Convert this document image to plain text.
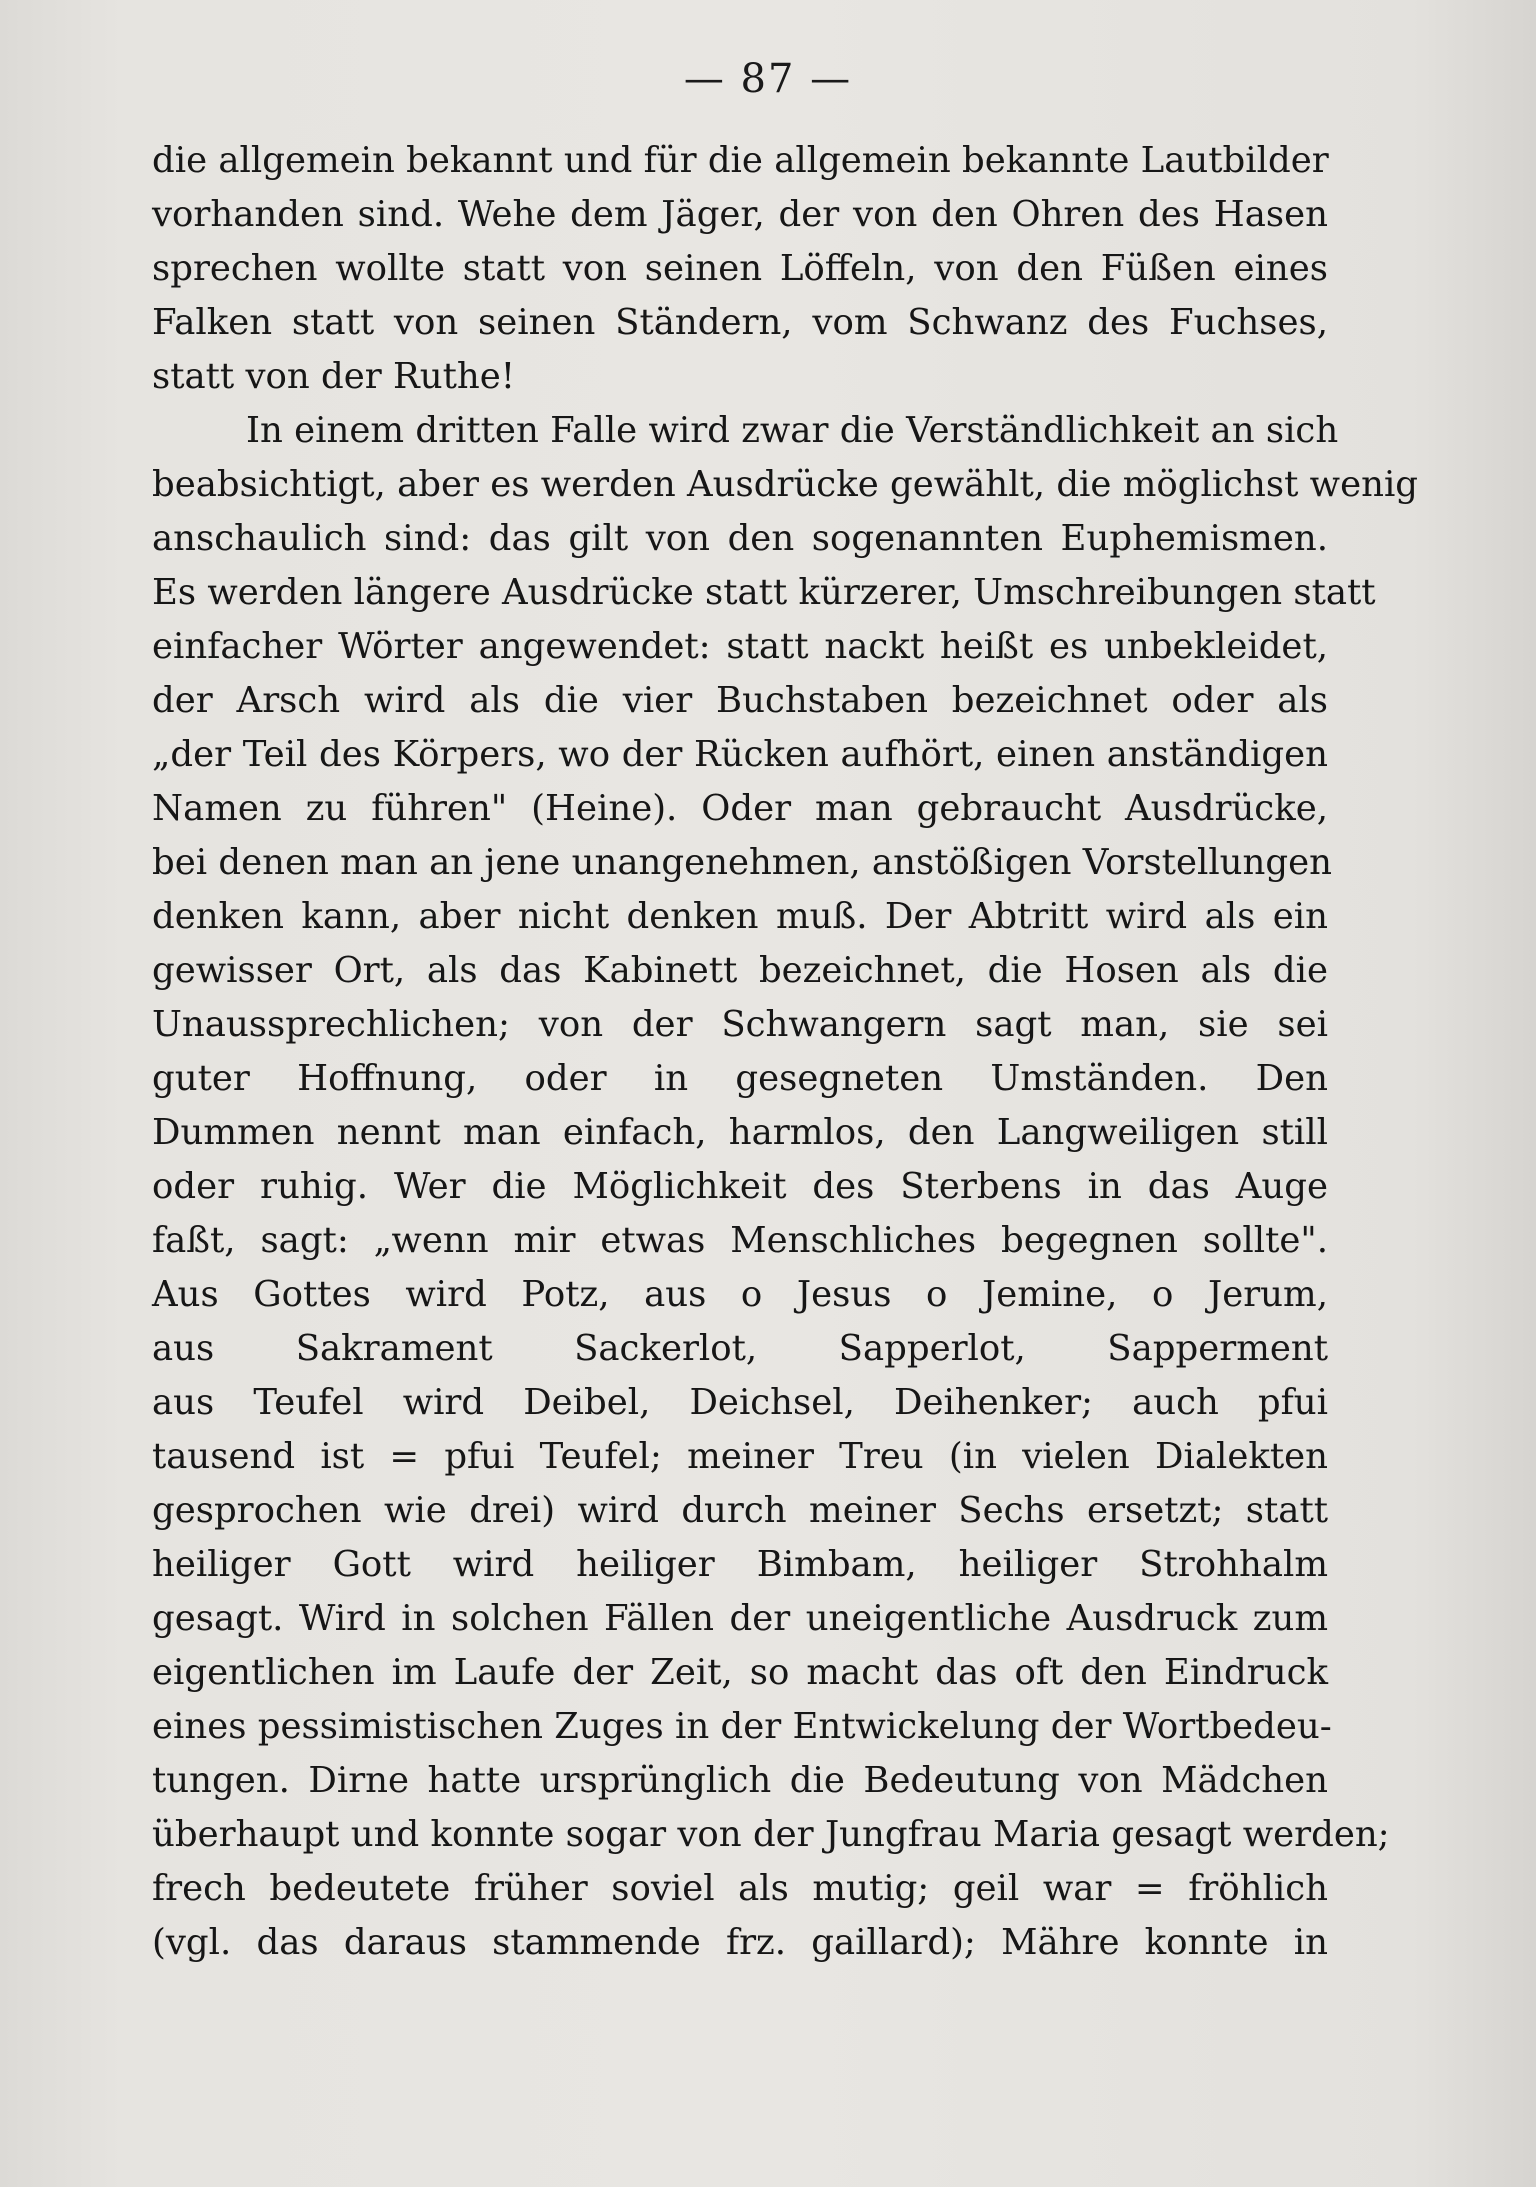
— 87 —
die allgemein bekannt und für die allgemein bekannte Lautbilder
vorhanden sind. Wehe dem Jäger, der von den Ohren des Hasen
sprechen wollte statt von seinen Löffeln, von den Füßen eines
Falken statt von seinen Ständern, vom Schwanz des Fuchses,
statt von der Ruthe!
In einem dritten Falle wird zwar die Verständlichkeit an sich
beabsichtigt, aber es werden Ausdrücke gewählt, die möglichst wenig
anschaulich sind: das gilt von den sogenannten Euphemismen.
Es werden längere Ausdrücke statt kürzerer, Umschreibungen statt
einfacher Wörter angewendet: statt nackt heißt es unbekleidet,
der Arsch wird als die vier Buchstaben bezeichnet oder als
„der Teil des Körpers, wo der Rücken aufhört, einen anständigen
Namen zu führen" (Heine). Oder man gebraucht Ausdrücke,
bei denen man an jene unangenehmen, anstößigen Vorstellungen
denken kann, aber nicht denken muß. Der Abtritt wird als ein
gewisser Ort, als das Kabinett bezeichnet, die Hosen als die
Unaussprechlichen; von der Schwangern sagt man, sie sei
guter Hoffnung, oder in gesegneten Umständen. Den
Dummen nennt man einfach, harmlos, den Langweiligen still
oder ruhig. Wer die Möglichkeit des Sterbens in das Auge
faßt, sagt: „wenn mir etwas Menschliches begegnen sollte".
Aus Gottes wird Potz, aus o Jesus o Jemine, o Jerum,
aus Sakrament Sackerlot, Sapperlot, Sapperment
aus Teufel wird Deibel, Deichsel, Deihenker; auch pfui
tausend ist = pfui Teufel; meiner Treu (in vielen Dialekten
gesprochen wie drei) wird durch meiner Sechs ersetzt; statt
heiliger Gott wird heiliger Bimbam, heiliger Strohhalm
gesagt. Wird in solchen Fällen der uneigentliche Ausdruck zum
eigentlichen im Laufe der Zeit, so macht das oft den Eindruck
eines pessimistischen Zuges in der Entwickelung der Wortbedeu-
tungen. Dirne hatte ursprünglich die Bedeutung von Mädchen
überhaupt und konnte sogar von der Jungfrau Maria gesagt werden;
frech bedeutete früher soviel als mutig; geil war = fröhlich
(vgl. das daraus stammende frz. gaillard); Mähre konnte in
